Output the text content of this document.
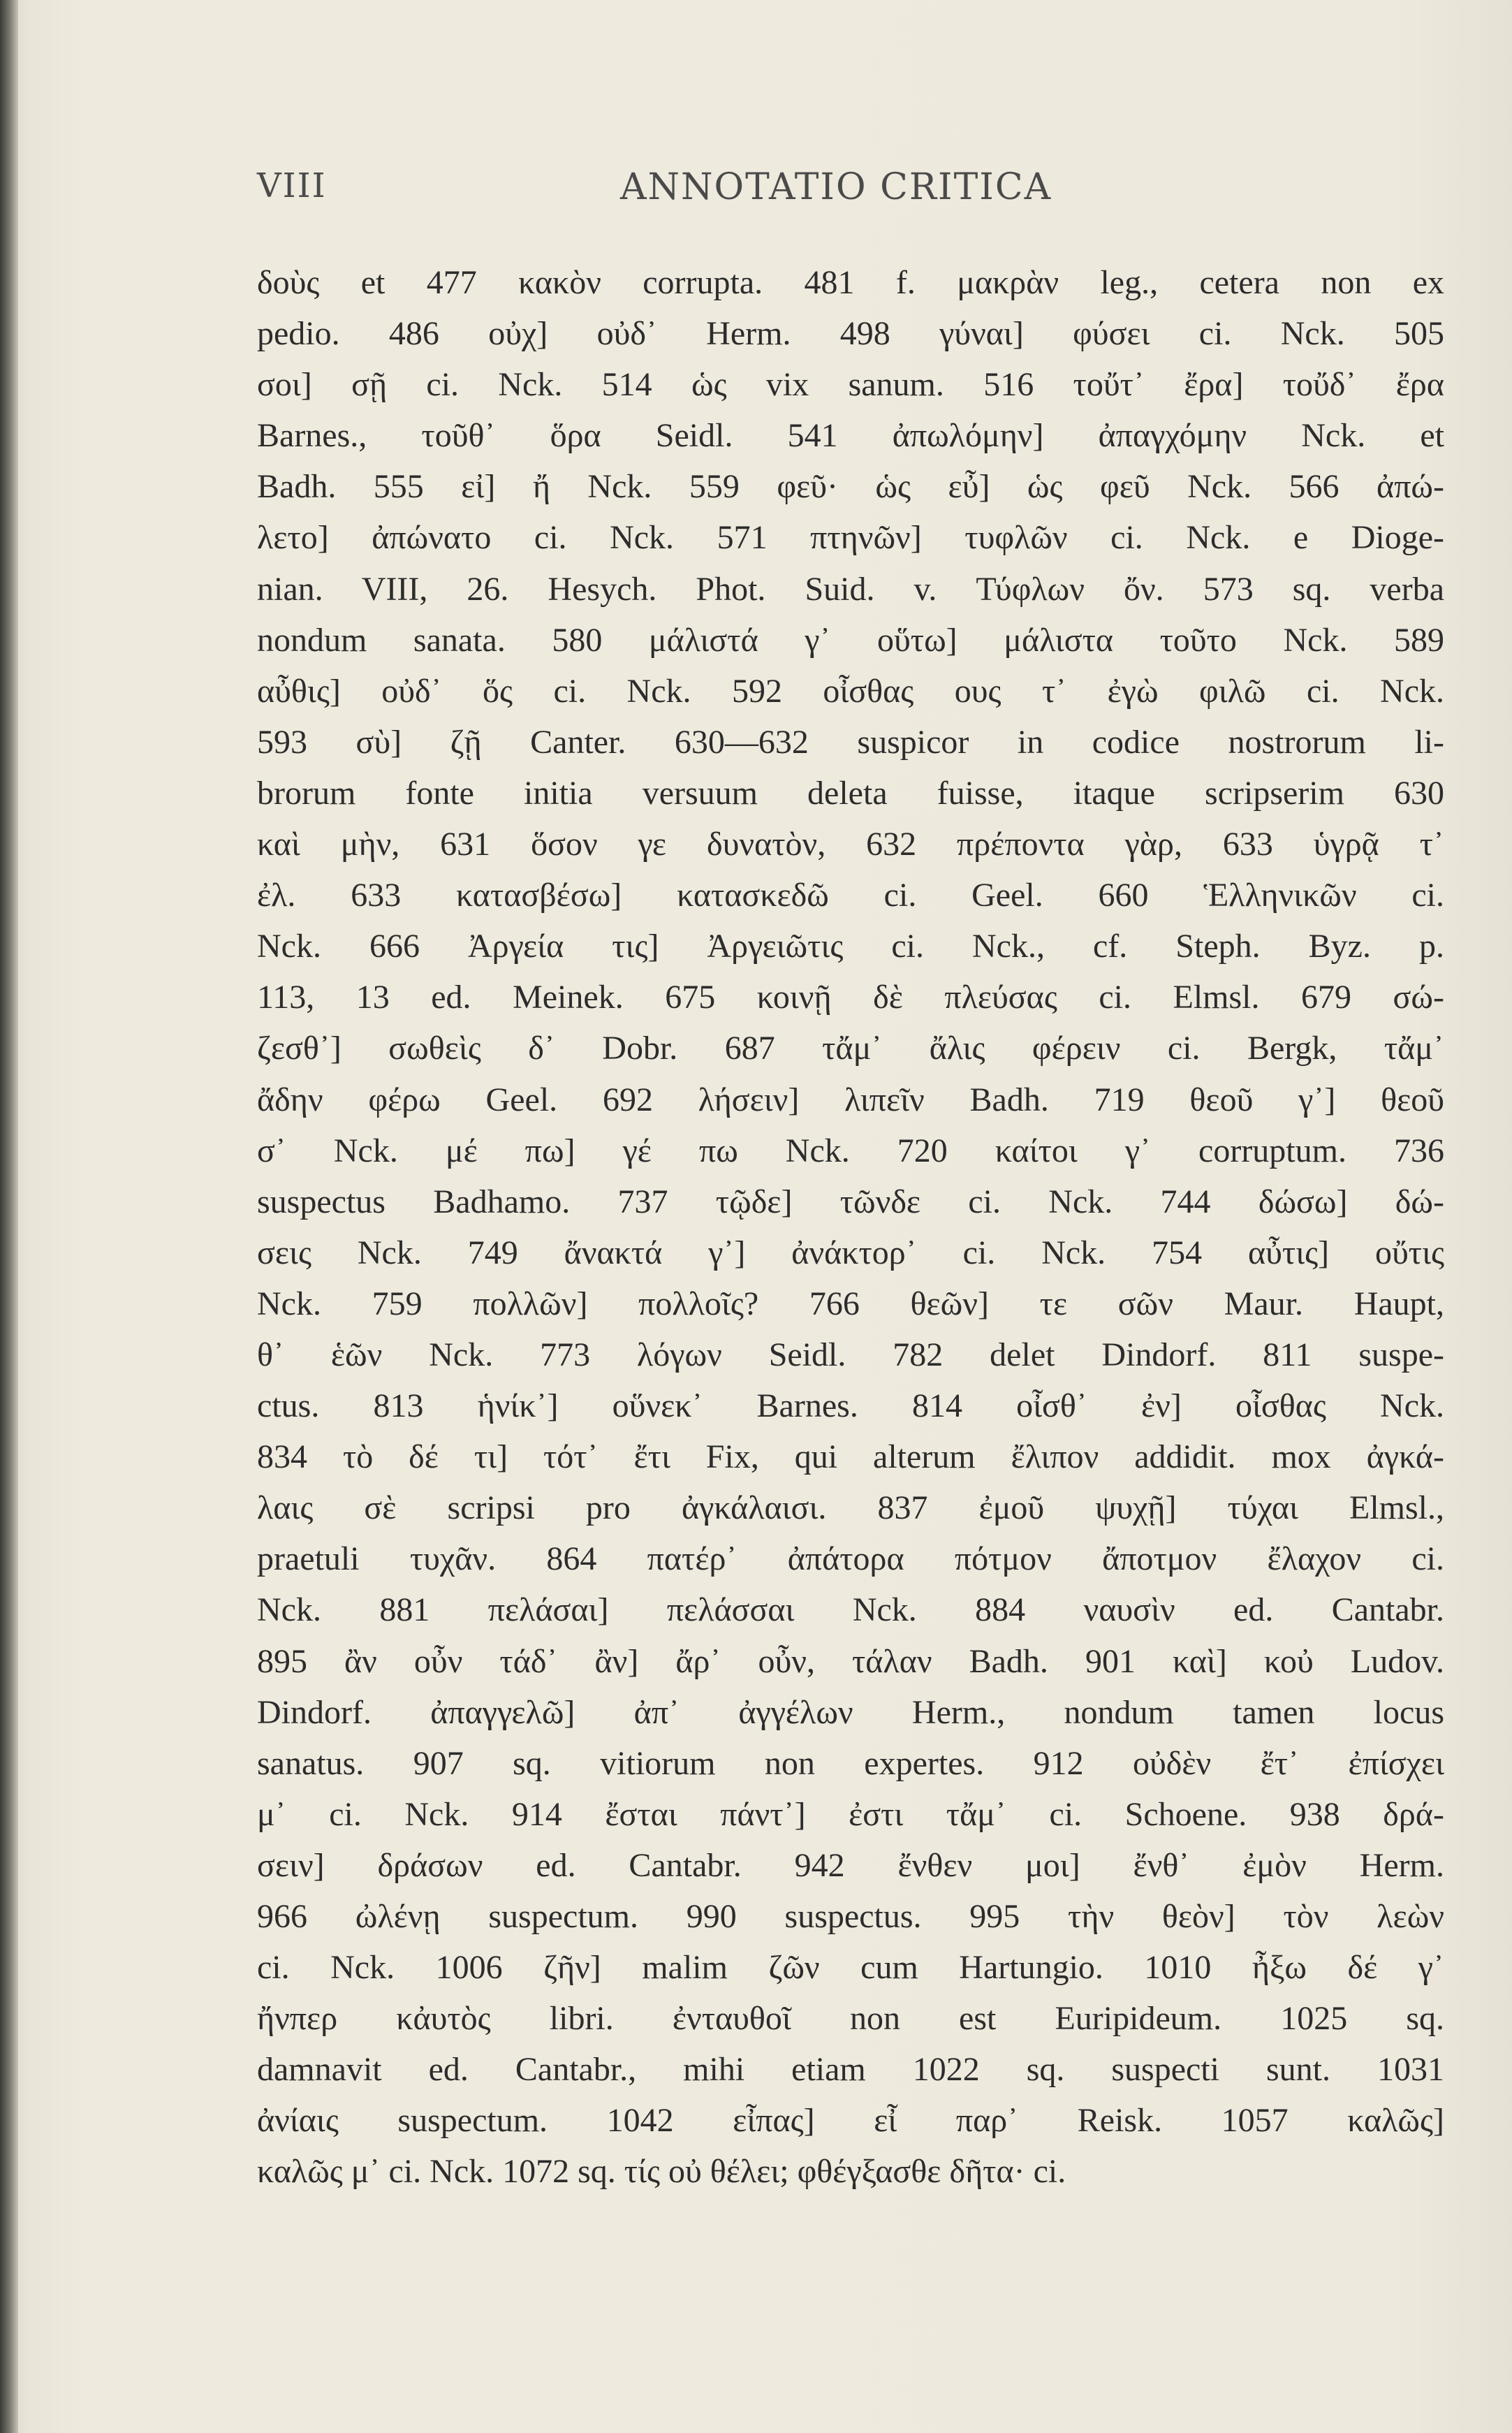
VIII	ANNOTATIO CRITICA
δοὺς et 477 κακὸν corrupta. 481 f. μακρὰν leg., cetera non ex
pedio. 486 οὐχ] οὐδ᾽ Herm. 498 γύναι] φύσει ci. Nck. 505
σοι] σῇ ci. Nck. 514 ὡς vix sanum. 516 τοὔτ᾽ ἔρα] τοὔδ᾽ ἔρα
Barnes., τοῦθ᾽ ὅρα Seidl. 541 ἀπωλόμην] ἀπαγχόμην Nck. et
Badh. 555 εἰ] ἤ Nck. 559 φεῦ· ὡς εὖ] ὡς φεῦ Nck. 566 ἀπώ-
λετο] ἀπώνατο ci. Nck. 571 πτηνῶν] τυφλῶν ci. Nck. e Dioge-
nian. VIII, 26. Hesych. Phot. Suid. v. Τύφλων ὄν. 573 sq. verba
nondum sanata. 580 μάλιστά γ᾽ οὕτω] μάλιστα τοῦτο Nck. 589
αὖθις] οὐδ᾽ ὅς ci. Nck. 592 οἶσθας ους τ᾽ ἐγὼ φιλῶ ci. Nck.
593 σὺ] ζῇ Canter. 630—632 suspicor in codice nostrorum li-
brorum fonte initia versuum deleta fuisse, itaque scripserim 630
καὶ μὴν, 631 ὅσον γε δυνατὸν, 632 πρέποντα γὰρ, 633 ὑγρᾷ τ᾽
ἐλ. 633 κατασβέσω] κατασκεδῶ ci. Geel. 660 Ἑλληνικῶν ci.
Nck. 666 Ἀργεία τις] Ἀργειῶτις ci. Nck., cf. Steph. Byz. p.
113, 13 ed. Meinek. 675 κοινῇ δὲ πλεύσας ci. Elmsl. 679 σώ-
ζεσθ᾽] σωθεὶς δ᾽ Dobr. 687 τἄμ᾽ ἄλις φέρειν ci. Bergk, τἄμ᾽
ἄδην φέρω Geel. 692 λήσειν] λιπεῖν Badh. 719 θεοῦ γ᾽] θεοῦ
σ᾽ Nck. μέ πω] γέ πω Nck. 720 καίτοι γ᾽ corruptum. 736
suspectus Badhamo. 737 τῷδε] τῶνδε ci. Nck. 744 δώσω] δώ-
σεις Nck. 749 ἄνακτά γ᾽] ἀνάκτορ᾽ ci. Nck. 754 αὖτις] οὔτις
Nck. 759 πολλῶν] πολλοῖς? 766 θεῶν] τε σῶν Maur. Haupt,
θ᾽ ἑῶν Nck. 773 λόγων Seidl. 782 delet Dindorf. 811 suspe-
ctus. 813 ἡνίκ᾽] οὕνεκ᾽ Barnes. 814 οἶσθ᾽ ἐν] οἶσθας Nck.
834 τὸ δέ τι] τότ᾽ ἔτι Fix, qui alterum ἔλιπον addidit. mox ἀγκά-
λαις σὲ scripsi pro ἀγκάλαισι. 837 ἐμοῦ ψυχῇ] τύχαι Elmsl.,
praetuli τυχᾶν. 864 πατέρ᾽ ἀπάτορα πότμον ἄποτμον ἔλαχον ci.
Nck. 881 πελάσαι] πελάσσαι Nck. 884 ναυσὶν ed. Cantabr.
895 ἂν οὖν τάδ᾽ ἂν] ἄρ᾽ οὖν, τάλαν Badh. 901 καὶ] κοὐ Ludov.
Dindorf. ἀπαγγελῶ] ἀπ᾽ ἀγγέλων Herm., nondum tamen locus
sanatus. 907 sq. vitiorum non expertes. 912 οὐδὲν ἔτ᾽ ἐπίσχει
μ᾽ ci. Nck. 914 ἔσται πάντ᾽] ἐστι τἄμ᾽ ci. Schoene. 938 δρά-
σειν] δράσων ed. Cantabr. 942 ἔνθεν μοι] ἔνθ᾽ ἐμὸν Herm.
966 ὠλένῃ suspectum. 990 suspectus. 995 τὴν θεὸν] τὸν λεὼν
ci. Nck. 1006 ζῆν] malim ζῶν cum Hartungio. 1010 ἦξω δέ γ᾽
ἤνπερ κἀυτὸς libri. ἐνταυθοῖ non est Euripideum. 1025 sq.
damnavit ed. Cantabr., mihi etiam 1022 sq. suspecti sunt. 1031
ἀνίαις suspectum. 1042 εἶπας] εἶ παρ᾽ Reisk. 1057 καλῶς]
καλῶς μ᾽ ci. Nck. 1072 sq. τίς οὐ θέλει; φθέγξασθε δῆτα· ci.
